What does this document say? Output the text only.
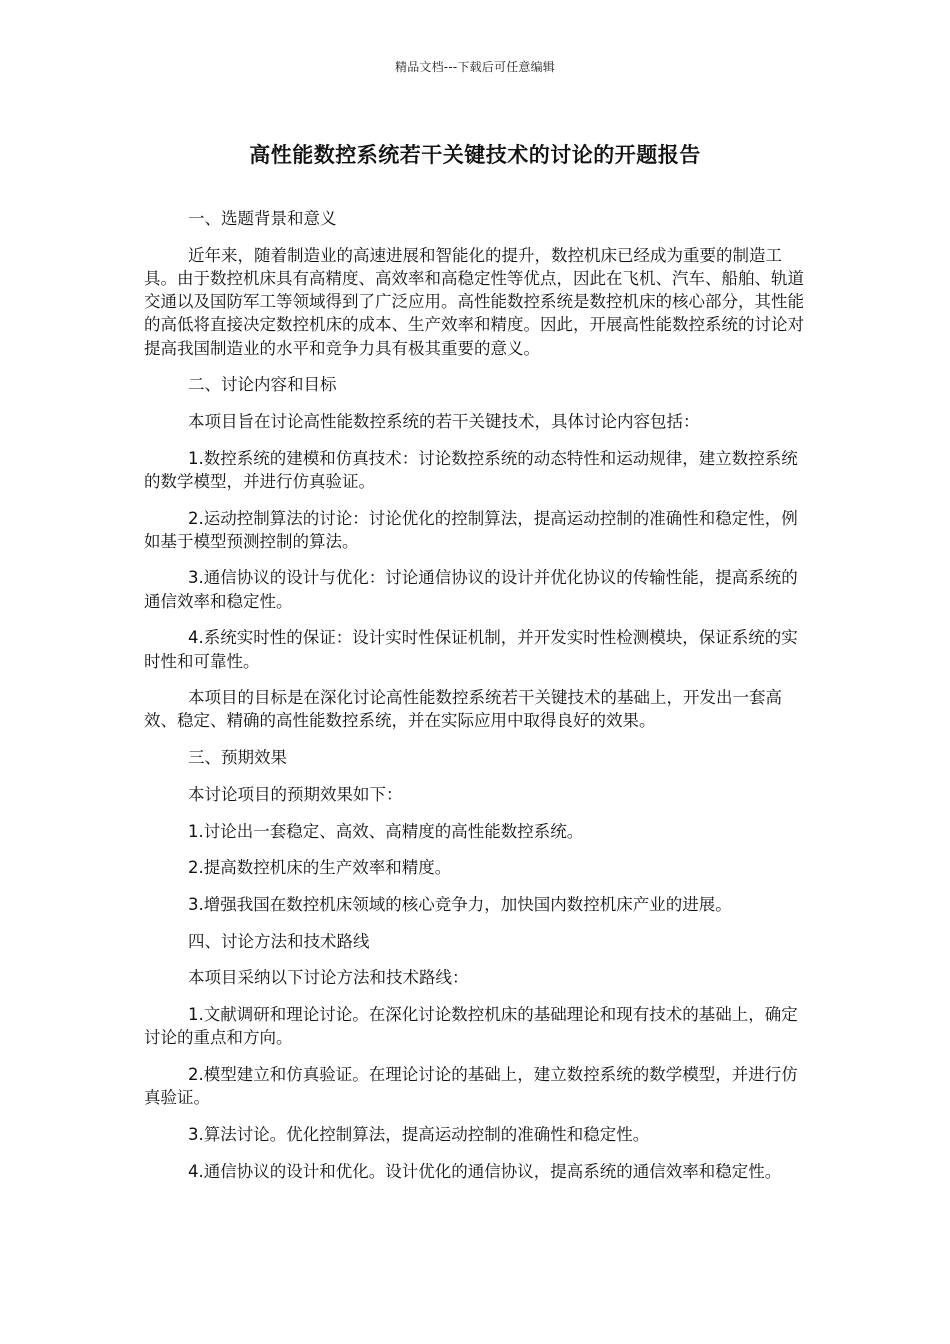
精品文档---下载后可任意编辑
高性能数控系统若干关键技术的讨论的开题报告

一、选题背景和意义

近年来，随着制造业的高速进展和智能化的提升，数控机床已经成为重要的制造工具。由于数控机床具有高精度、高效率和高稳定性等优点，因此在飞机、汽车、船舶、轨道交通以及国防军工等领域得到了广泛应用。高性能数控系统是数控机床的核心部分，其性能的高低将直接决定数控机床的成本、生产效率和精度。因此，开展高性能数控系统的讨论对提高我国制造业的水平和竞争力具有极其重要的意义。

二、讨论内容和目标

本项目旨在讨论高性能数控系统的若干关键技术，具体讨论内容包括：

1.数控系统的建模和仿真技术：讨论数控系统的动态特性和运动规律，建立数控系统的数学模型，并进行仿真验证。

2.运动控制算法的讨论：讨论优化的控制算法，提高运动控制的准确性和稳定性，例如基于模型预测控制的算法。

3.通信协议的设计与优化：讨论通信协议的设计并优化协议的传输性能，提高系统的通信效率和稳定性。

4.系统实时性的保证：设计实时性保证机制，并开发实时性检测模块，保证系统的实时性和可靠性。

本项目的目标是在深化讨论高性能数控系统若干关键技术的基础上，开发出一套高效、稳定、精确的高性能数控系统，并在实际应用中取得良好的效果。

三、预期效果

本讨论项目的预期效果如下：

1.讨论出一套稳定、高效、高精度的高性能数控系统。

2.提高数控机床的生产效率和精度。

3.增强我国在数控机床领域的核心竞争力，加快国内数控机床产业的进展。

四、讨论方法和技术路线

本项目采纳以下讨论方法和技术路线：

1.文献调研和理论讨论。在深化讨论数控机床的基础理论和现有技术的基础上，确定讨论的重点和方向。

2.模型建立和仿真验证。在理论讨论的基础上，建立数控系统的数学模型，并进行仿真验证。

3.算法讨论。优化控制算法，提高运动控制的准确性和稳定性。

4.通信协议的设计和优化。设计优化的通信协议，提高系统的通信效率和稳定性。
